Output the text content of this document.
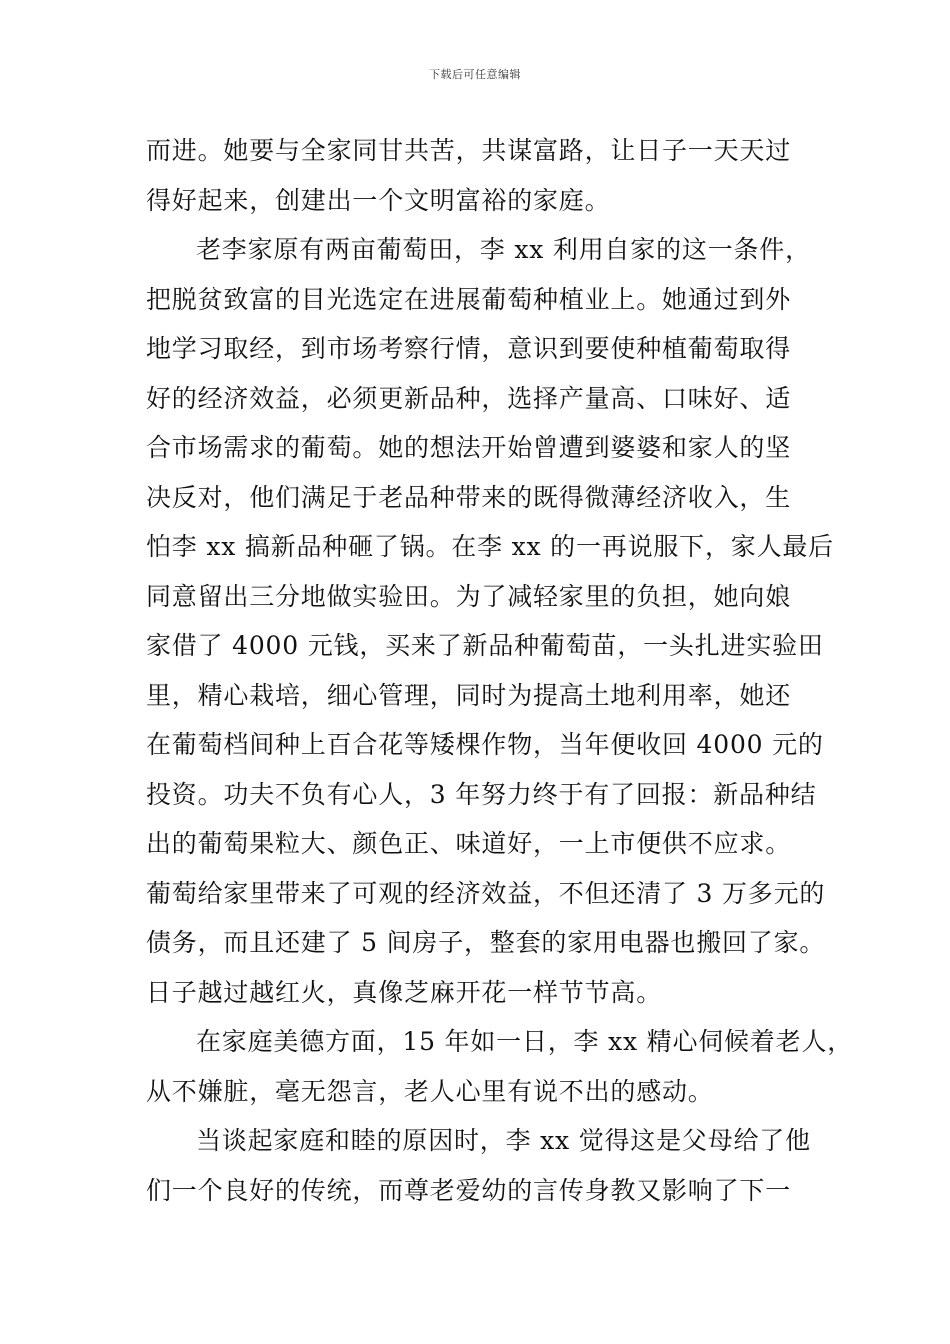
下载后可任意编辑
而进。她要与全家同甘共苦，共谋富路，让日子一天天过
得好起来，创建出一个文明富裕的家庭。
老李家原有两亩葡萄田，李 xx 利用自家的这一条件，
把脱贫致富的目光选定在进展葡萄种植业上。她通过到外
地学习取经，到市场考察行情，意识到要使种植葡萄取得
好的经济效益，必须更新品种，选择产量高、口味好、适
合市场需求的葡萄。她的想法开始曾遭到婆婆和家人的坚
决反对，他们满足于老品种带来的既得微薄经济收入，生
怕李 xx 搞新品种砸了锅。在李 xx 的一再说服下，家人最后
同意留出三分地做实验田。为了减轻家里的负担，她向娘
家借了 4000 元钱，买来了新品种葡萄苗，一头扎进实验田
里，精心栽培，细心管理，同时为提高土地利用率，她还
在葡萄档间种上百合花等矮棵作物，当年便收回 4000 元的
投资。功夫不负有心人，3 年努力终于有了回报：新品种结
出的葡萄果粒大、颜色正、味道好，一上市便供不应求。
葡萄给家里带来了可观的经济效益，不但还清了 3 万多元的
债务，而且还建了 5 间房子，整套的家用电器也搬回了家。
日子越过越红火，真像芝麻开花一样节节高。
在家庭美德方面，15 年如一日，李 xx 精心伺候着老人，
从不嫌脏，毫无怨言，老人心里有说不出的感动。
当谈起家庭和睦的原因时，李 xx 觉得这是父母给了他
们一个良好的传统，而尊老爱幼的言传身教又影响了下一
